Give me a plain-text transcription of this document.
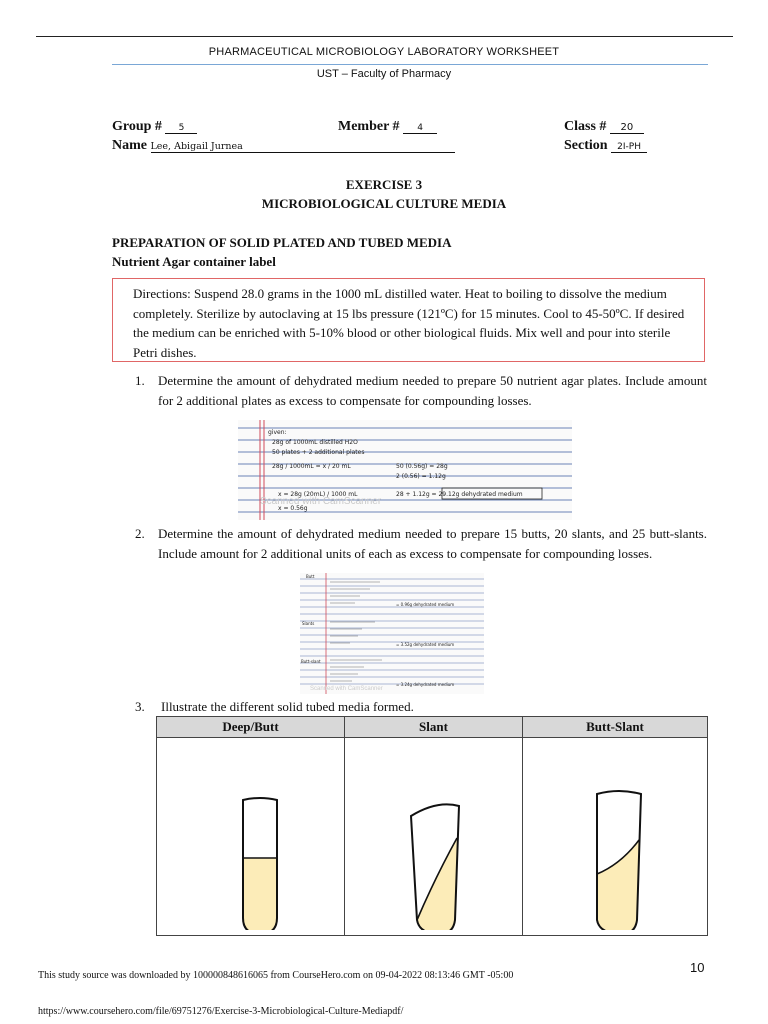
PHARMACEUTICAL MICROBIOLOGY LABORATORY WORKSHEET
UST – Faculty of Pharmacy
Group # 5	Member # 4	Class # 20
Name Lee, Abigail Jurnea	Section 2I-PH
EXERCISE 3
MICROBIOLOGICAL CULTURE MEDIA
PREPARATION OF SOLID PLATED AND TUBED MEDIA
Nutrient Agar container label
Directions: Suspend 28.0 grams in the 1000 mL distilled water. Heat to boiling to dissolve the medium completely. Sterilize by autoclaving at 15 lbs pressure (121ºC) for 15 minutes. Cool to 45-50ºC. If desired the medium can be enriched with 5-10% blood or other biological fluids. Mix well and pour into sterile Petri dishes.
1. Determine the amount of dehydrated medium needed to prepare 50 nutrient agar plates. Include amount for 2 additional plates as excess to compensate for compounding losses.
given:
28g of 1000mL distilled H2O
50 plates + 2 additional plates
28g / 1000mL = x / 20 mL
x = 28g (20mL) / 1000 mL
x = 0.56g
50 (0.56g) = 28g
2 (0.56) = 1.12g
28 + 1.12g = 29.12g dehydrated medium
Scanned with CamScanner
2. Determine the amount of dehydrated medium needed to prepare 15 butts, 20 slants, and 25 butt-slants. Include amount for 2 additional units of each as excess to compensate for compounding losses.
Butt
Slants
Butt-slant
= 0.96g dehydrated medium
= 3.52g dehydrated medium
= 3.24g dehydrated medium
Scanned with CamScanner
3. Illustrate the different solid tubed media formed.
Deep/Butt	Slant	Butt-Slant

This study source was downloaded by 100000848616065 from CourseHero.com on 09-04-2022 08:13:46 GMT -05:00
10
https://www.coursehero.com/file/69751276/Exercise-3-Microbiological-Culture-Mediapdf/
